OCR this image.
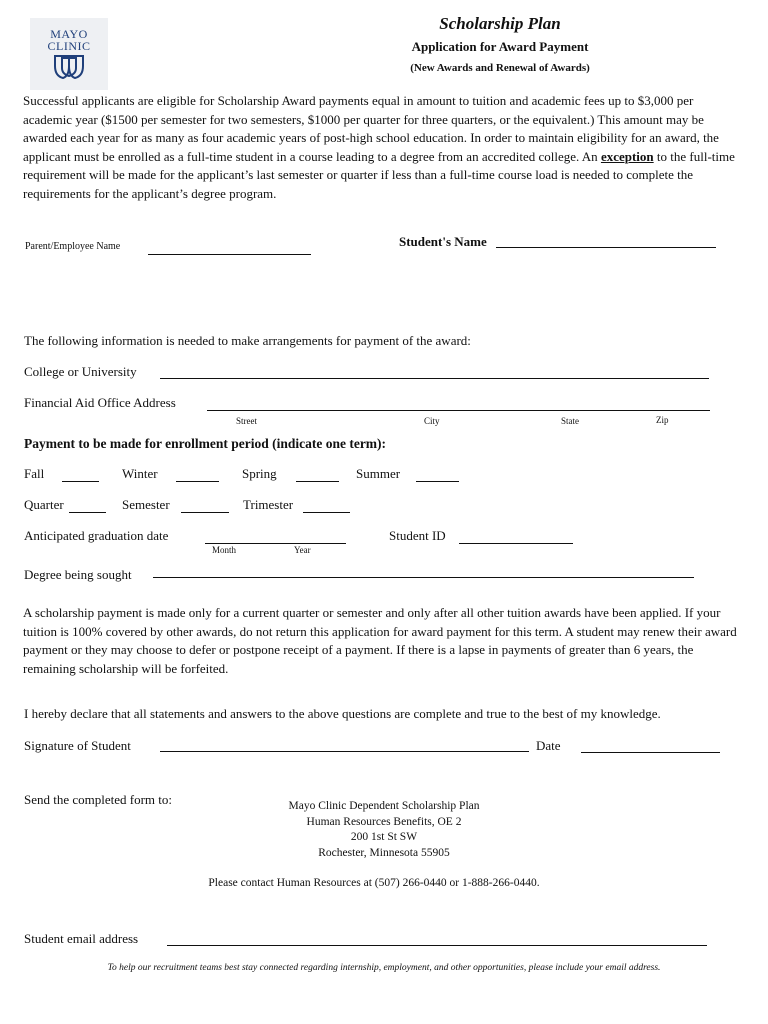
MAYO
CLINIC
Scholarship Plan
Application for Award Payment
(New Awards and Renewal of Awards)
Successful applicants are eligible for Scholarship Award payments equal in amount to tuition and academic fees up to $3,000 per academic year ($1500 per semester for two semesters, $1000 per quarter for three quarters, or the equivalent.) This amount may be awarded each year for as many as four academic years of post-high school education. In order to maintain eligibility for an award, the applicant must be enrolled as a full-time student in a course leading to a degree from an accredited college. An exception to the full-time requirement will be made for the applicant’s last semester or quarter if less than a full-time course load is needed to complete the requirements for the applicant’s degree program.
Parent/Employee Name	Student's Name
The following information is needed to make arrangements for payment of the award:
College or University
Financial Aid Office Address
Street	City	State	Zip
Payment to be made for enrollment period (indicate one term):
Fall	Winter	Spring	Summer
Quarter	Semester	Trimester
Anticipated graduation date
Month	Year
Student ID
Degree being sought
A scholarship payment is made only for a current quarter or semester and only after all other tuition awards have been applied. If your tuition is 100% covered by other awards, do not return this application for award payment for this term. A student may renew their award payment or they may choose to defer or postpone receipt of a payment. If there is a lapse in payments of greater than 6 years, the remaining scholarship will be forfeited.
I hereby declare that all statements and answers to the above questions are complete and true to the best of my knowledge.
Signature of Student	Date
Send the completed form to:	Mayo Clinic Dependent Scholarship Plan
Human Resources Benefits, OE 2
200 1st St SW
Rochester, Minnesota 55905
Please contact Human Resources at (507) 266-0440 or 1-888-266-0440.
Student email address
To help our recruitment teams best stay connected regarding internship, employment, and other opportunities, please include your email address.
